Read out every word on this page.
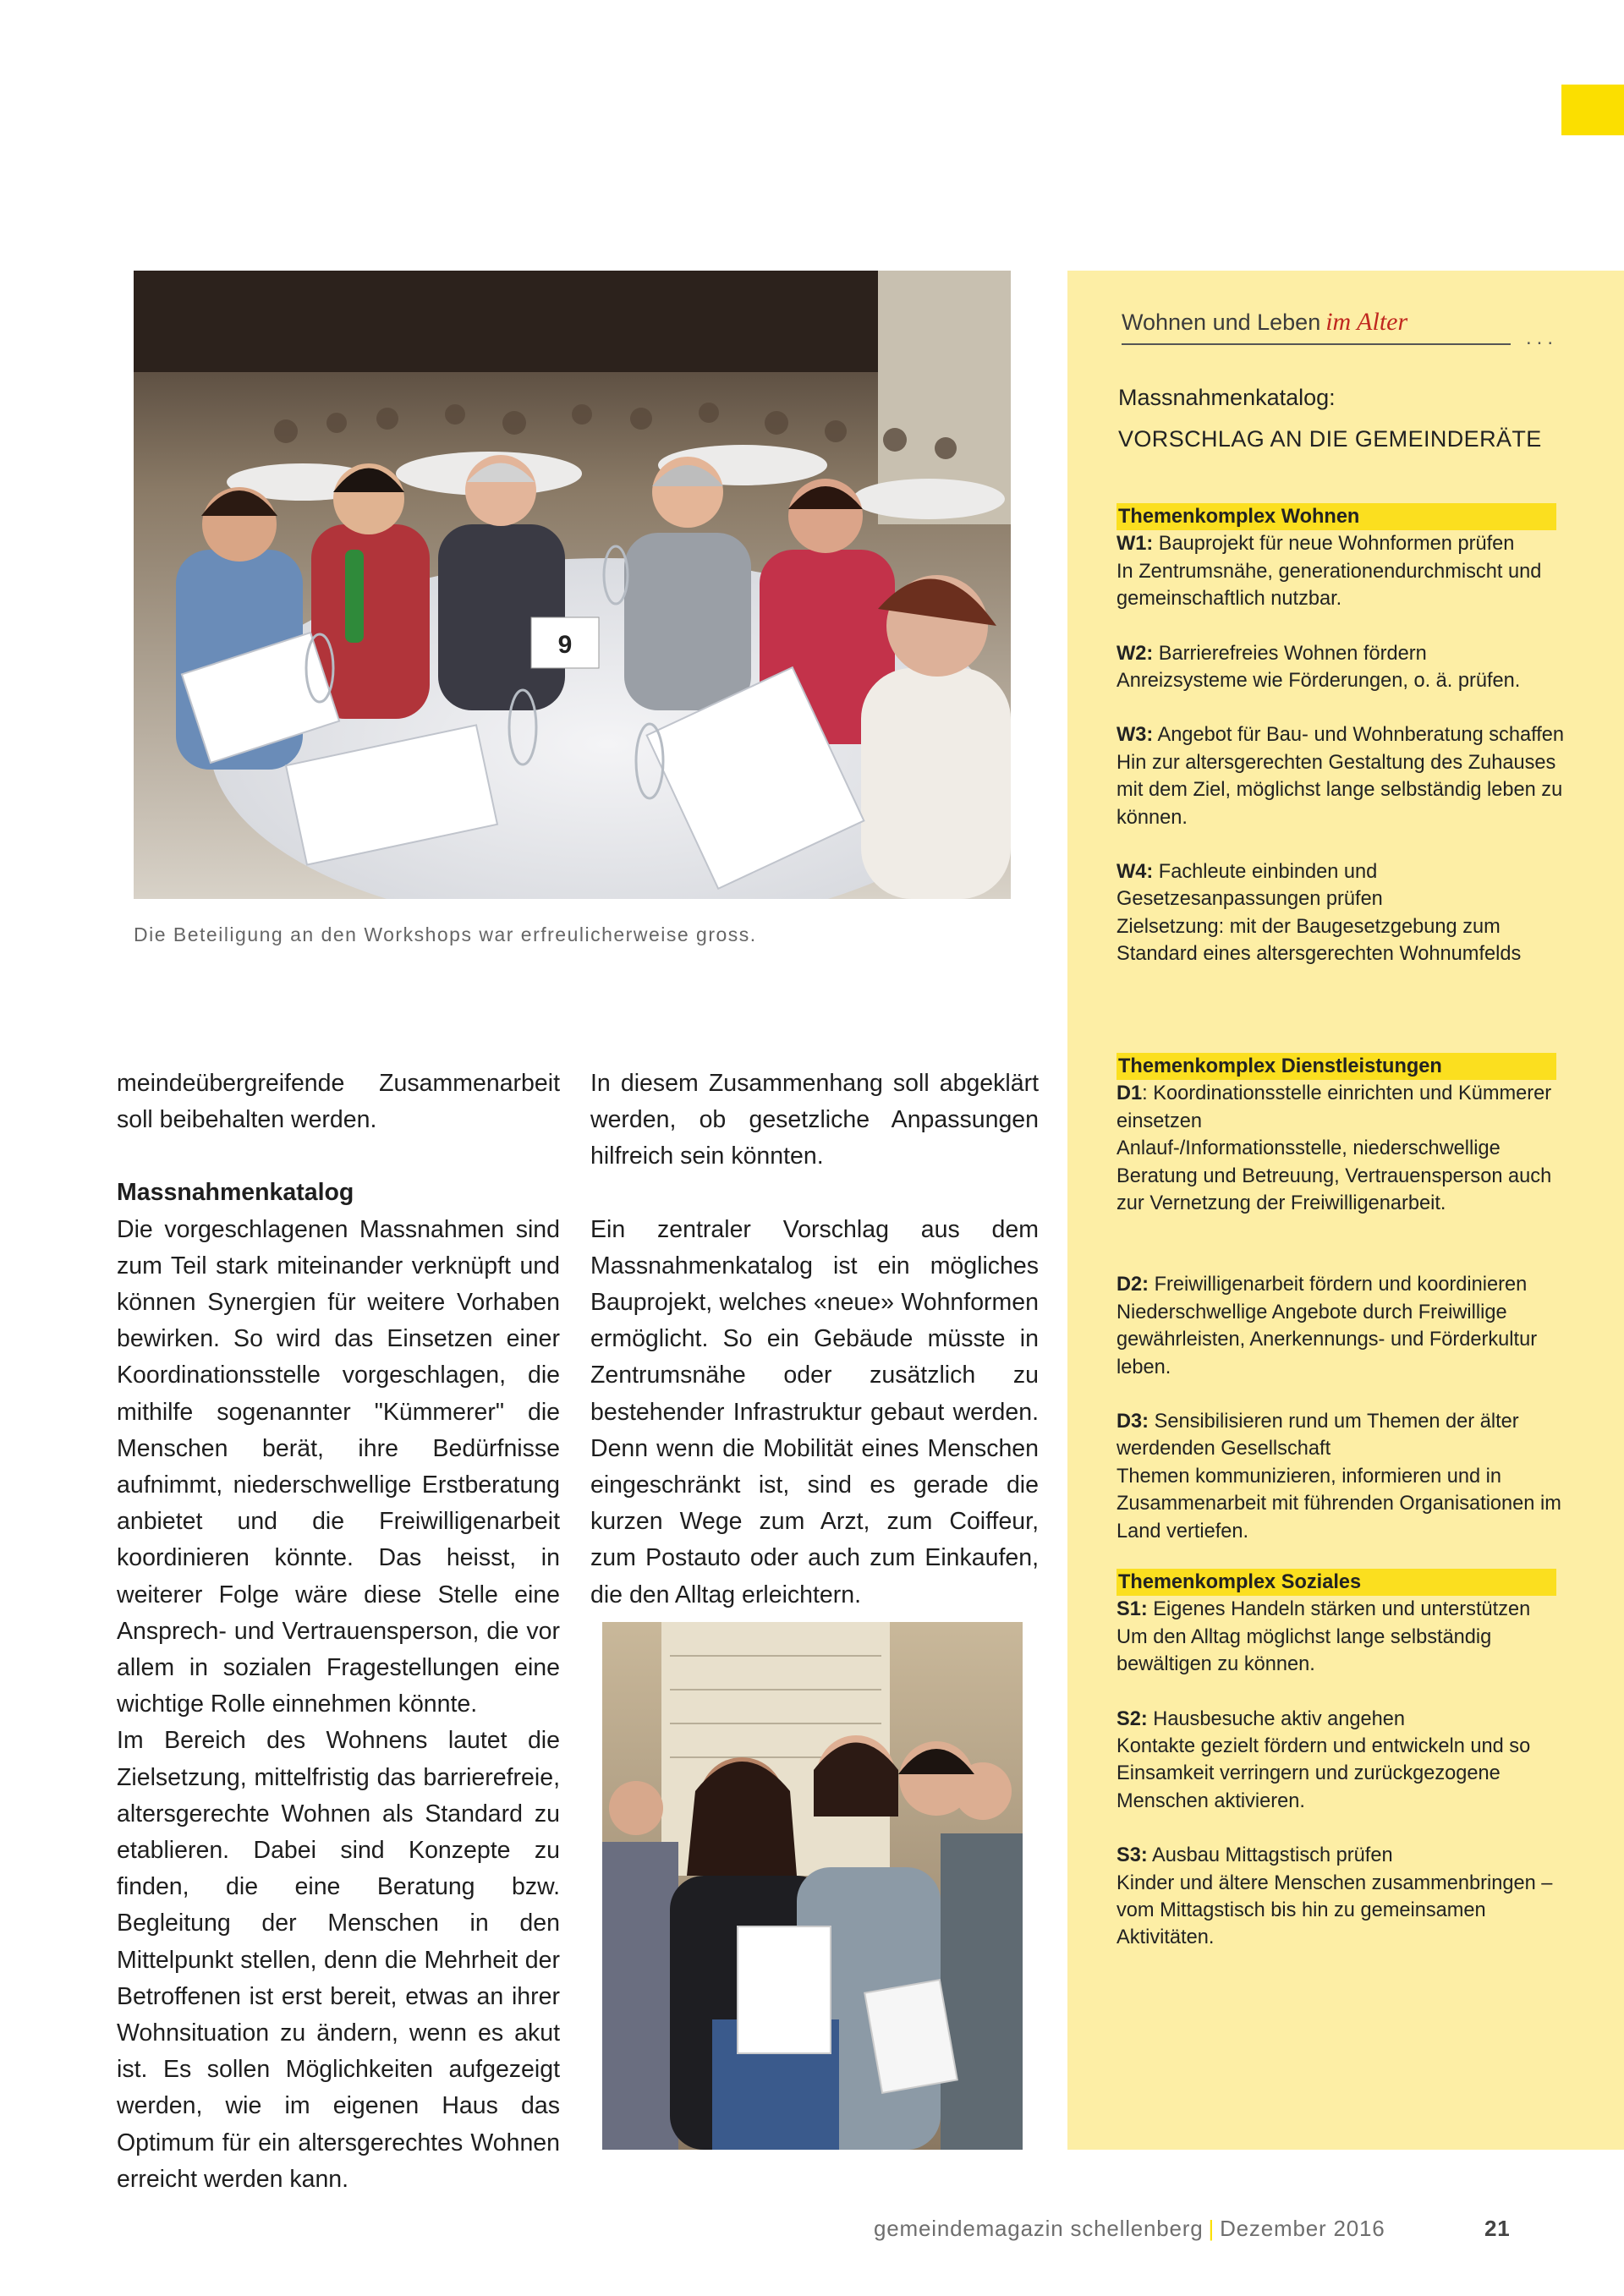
9
Die Beteiligung an den Workshops war erfreulicherweise gross.

meindeübergreifende Zusammenarbeit soll beibehalten werden.

Massnahmenkatalog

Die vorgeschlagenen Massnahmen sind zum Teil stark miteinander verknüpft und können Synergien für weitere Vorhaben bewirken. So wird das Einsetzen einer Koordinationsstelle vorgeschlagen, die mithilfe sogenannter "Kümmerer" die Menschen berät, ihre Bedürfnisse aufnimmt, niederschwellige Erstberatung anbietet und die Freiwilligenarbeit koordinieren könnte. Das heisst, in weiterer Folge wäre diese Stelle eine Ansprech- und Vertrauensperson, die vor allem in sozialen Fragestellungen eine wichtige Rolle einnehmen könnte.

Im Bereich des Wohnens lautet die Zielsetzung, mittelfristig das barrierefreie, altersgerechte Wohnen als Standard zu etablieren. Dabei sind Konzepte zu finden, die eine Beratung bzw. Begleitung der Menschen in den Mittelpunkt stellen, denn die Mehrheit der Betroffenen ist erst bereit, etwas an ihrer Wohnsituation zu ändern, wenn es akut ist. Es sollen Möglichkeiten aufgezeigt werden, wie im eigenen Haus das Optimum für ein altersgerechtes Wohnen erreicht werden kann.

In diesem Zusammenhang soll abgeklärt werden, ob gesetzliche Anpassungen hilfreich sein könnten.

Ein zentraler Vorschlag aus dem Massnahmenkatalog ist ein mögliches Bauprojekt, welches «neue» Wohnformen ermöglicht. So ein Gebäude müsste in Zentrumsnähe oder zusätzlich zu bestehender Infrastruktur gebaut werden. Denn wenn die Mobilität eines Menschen eingeschränkt ist, sind es gerade die kurzen Wege zum Arzt, zum Coiffeur, zum Postauto oder auch zum Einkaufen, die den Alltag erleichtern.

Wohnen und Leben im Alter
...
Massnahmenkatalog:
VORSCHLAG AN DIE GEMEINDERÄTE
Themenkomplex Wohnen

W1: Bauprojekt für neue Wohnformen prüfen

In Zentrumsnähe, generationendurchmischt und gemeinschaftlich nutzbar.

W2: Barrierefreies Wohnen fördern

Anreizsysteme wie Förderungen, o. ä. prüfen.

W3: Angebot für Bau- und Wohnberatung schaffen

Hin zur altersgerechten Gestaltung des Zuhauses mit dem Ziel, möglichst lange selbständig leben zu können.

W4: Fachleute einbinden und Gesetzesanpassungen prüfen

Zielsetzung: mit der Baugesetzgebung zum Standard eines altersgerechten Wohnumfelds

Themenkomplex Dienstleistungen

D1: Koordinationsstelle einrichten und Kümmerer einsetzen

Anlauf-/Informationsstelle, niederschwellige Beratung und Betreuung, Vertrauensperson auch zur Vernetzung der Freiwilligenarbeit.

D2: Freiwilligenarbeit fördern und koordinieren

Niederschwellige Angebote durch Freiwillige gewährleisten, Anerkennungs- und Förderkultur leben.

D3: Sensibilisieren rund um Themen der älter werdenden Gesellschaft

Themen kommunizieren, informieren und in Zusammenarbeit mit führenden Organisationen im Land vertiefen.

Themenkomplex Soziales

S1: Eigenes Handeln stärken und unterstützen

Um den Alltag möglichst lange selbständig bewältigen zu können.

S2: Hausbesuche aktiv angehen

Kontakte gezielt fördern und entwickeln und so Einsamkeit verringern und zurückgezogene Menschen aktivieren.

S3: Ausbau Mittagstisch prüfen

Kinder und ältere Menschen zusammenbringen – vom Mittagstisch bis hin zu gemeinsamen Aktivitäten.

gemeindemagazin schellenberg | Dezember 2016	21
